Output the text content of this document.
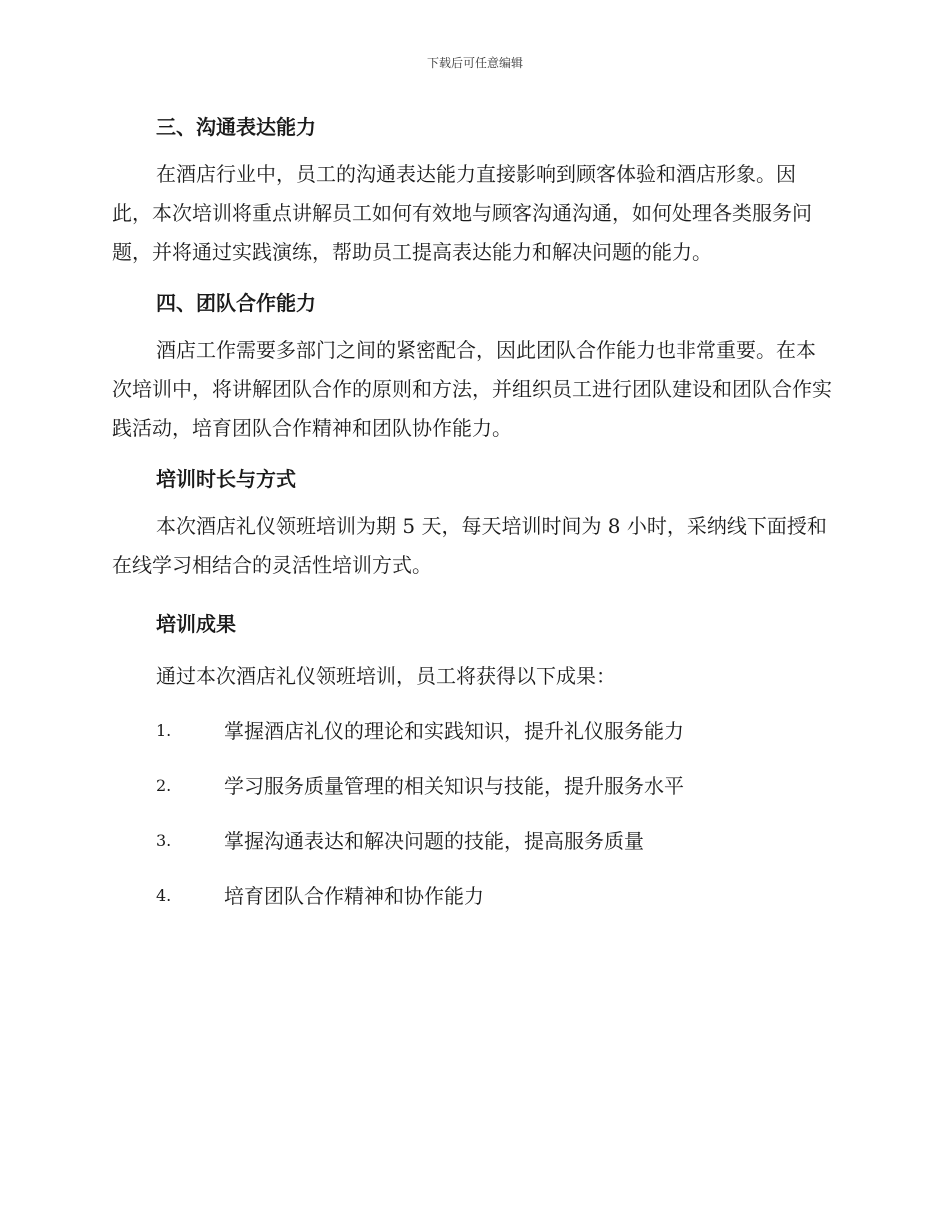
下载后可任意编辑
三、沟通表达能力

在酒店行业中，员工的沟通表达能力直接影响到顾客体验和酒店形象。因此，本次培训将重点讲解员工如何有效地与顾客沟通沟通，如何处理各类服务问题，并将通过实践演练，帮助员工提高表达能力和解决问题的能力。

四、团队合作能力

酒店工作需要多部门之间的紧密配合，因此团队合作能力也非常重要。在本次培训中，将讲解团队合作的原则和方法，并组织员工进行团队建设和团队合作实践活动，培育团队合作精神和团队协作能力。

培训时长与方式

本次酒店礼仪领班培训为期 5 天，每天培训时间为 8 小时，采纳线下面授和在线学习相结合的灵活性培训方式。

培训成果

通过本次酒店礼仪领班培训，员工将获得以下成果：

1.	掌握酒店礼仪的理论和实践知识，提升礼仪服务能力
2.	学习服务质量管理的相关知识与技能，提升服务水平
3.	掌握沟通表达和解决问题的技能，提高服务质量
4.	培育团队合作精神和协作能力
